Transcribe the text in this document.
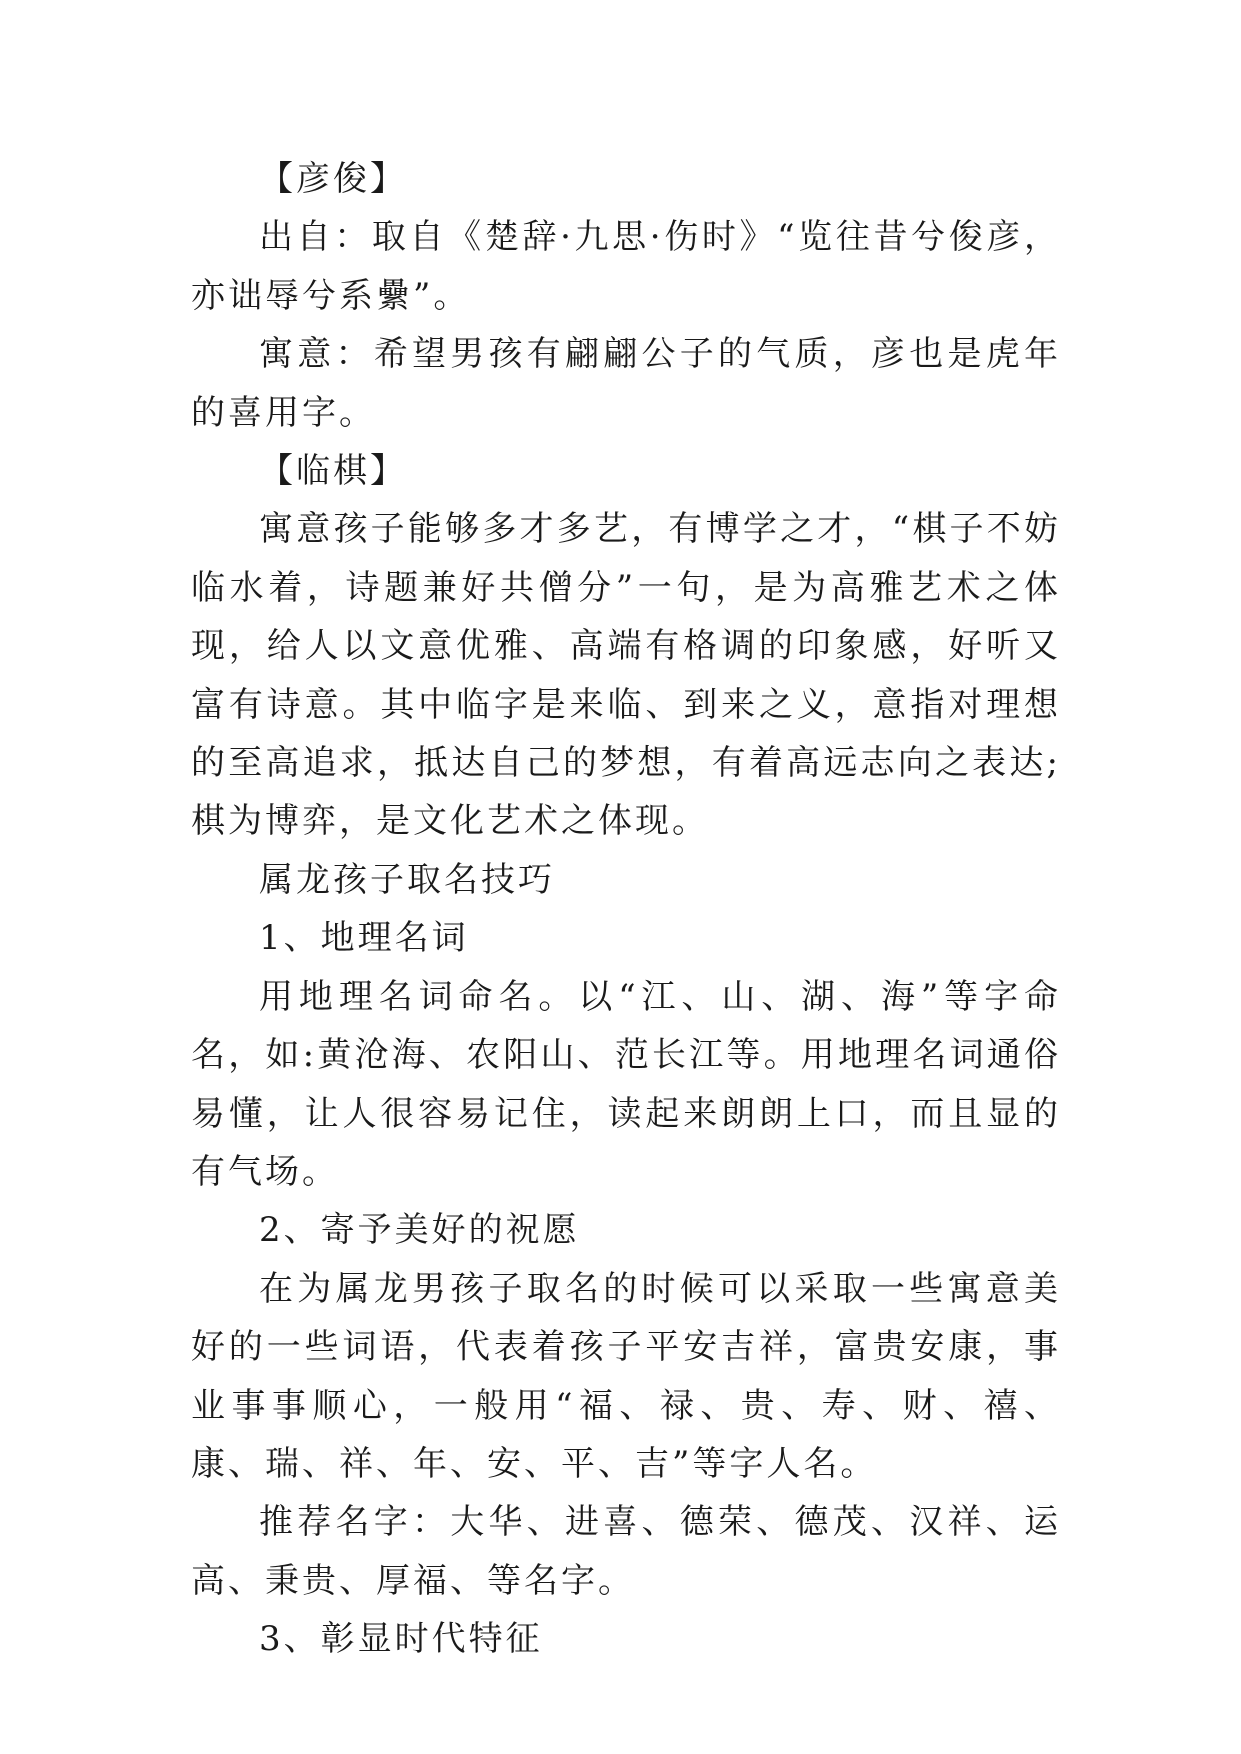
【彦俊】

出自：取自《楚辞·九思·伤时》“览往昔兮俊彦，亦诎辱兮系纍”。

寓意：希望男孩有翩翩公子的气质，彦也是虎年的喜用字。

【临棋】

寓意孩子能够多才多艺，有博学之才，“棋子不妨临水着，诗题兼好共僧分”一句，是为高雅艺术之体现，给人以文意优雅、高端有格调的印象感，好听又富有诗意。其中临字是来临、到来之义，意指对理想的至高追求，抵达自己的梦想，有着高远志向之表达;棋为博弈，是文化艺术之体现。

属龙孩子取名技巧

1、地理名词

用地理名词命名。以“江、山、湖、海”等字命名，如:黄沧海、农阳山、范长江等。用地理名词通俗易懂，让人很容易记住，读起来朗朗上口，而且显的有气场。

2、寄予美好的祝愿

在为属龙男孩子取名的时候可以采取一些寓意美好的一些词语，代表着孩子平安吉祥，富贵安康，事业事事顺心，一般用“福、禄、贵、寿、财、禧、康、瑞、祥、年、安、平、吉”等字人名。

推荐名字：大华、进喜、德荣、德茂、汉祥、运高、秉贵、厚福、等名字。

3、彰显时代特征
